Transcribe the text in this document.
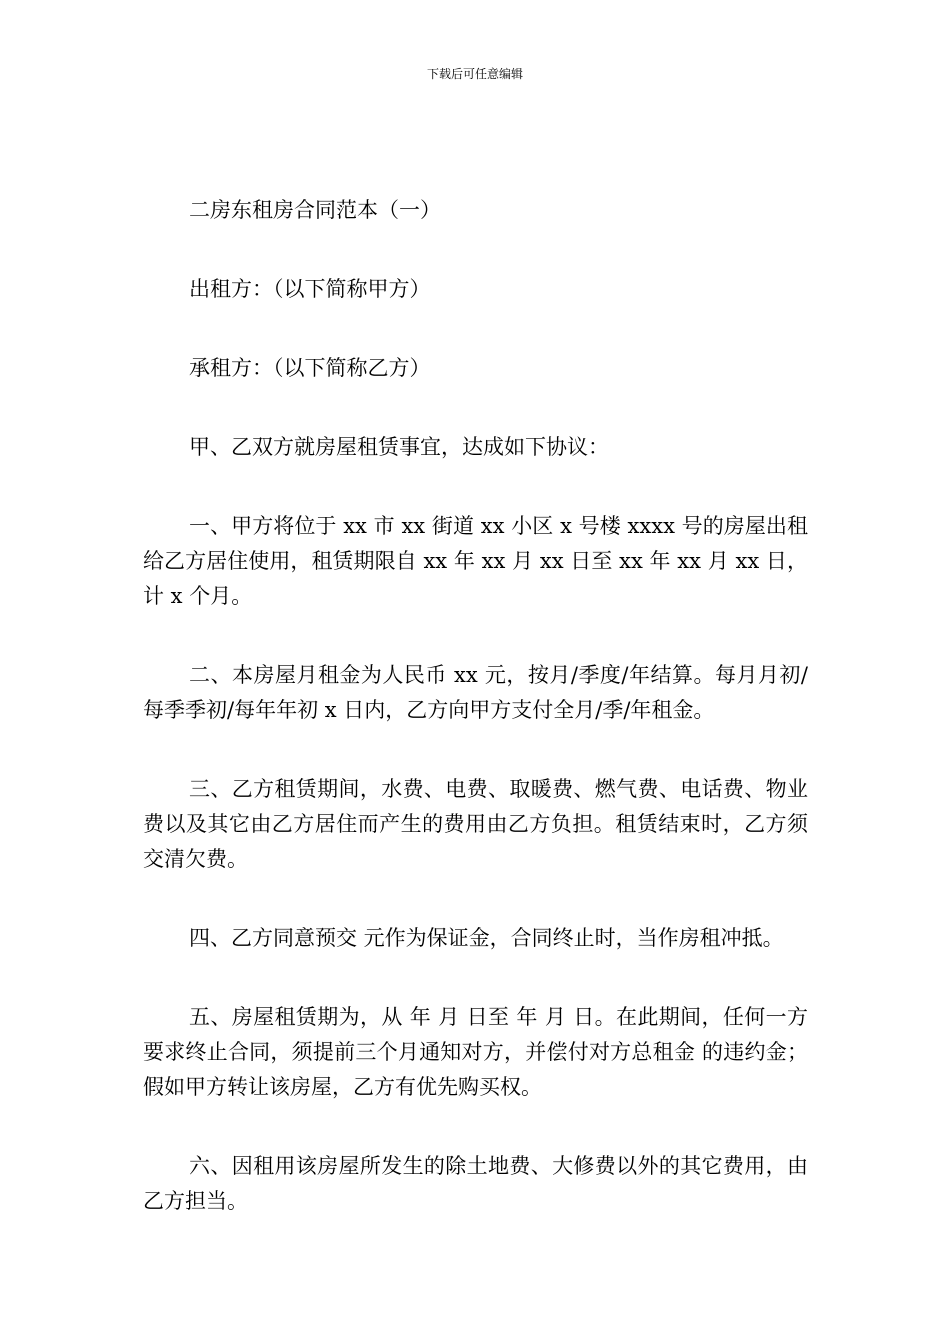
下载后可任意编辑

二房东租房合同范本（一）

出租方：（以下简称甲方）

承租方：（以下简称乙方）

甲、乙双方就房屋租赁事宜，达成如下协议：

一、甲方将位于 xx 市 xx 街道 xx 小区 x 号楼 xxxx 号的房屋出租给乙方居住使用，租赁期限自 xx 年 xx 月 xx 日至 xx 年 xx 月 xx 日，计 x 个月。

二、本房屋月租金为人民币 xx 元，按月/季度/年结算。每月月初/每季季初/每年年初 x 日内，乙方向甲方支付全月/季/年租金。

三、乙方租赁期间，水费、电费、取暖费、燃气费、电话费、物业费以及其它由乙方居住而产生的费用由乙方负担。租赁结束时，乙方须交清欠费。

四、乙方同意预交 元作为保证金，合同终止时，当作房租冲抵。

五、房屋租赁期为，从 年 月 日至 年 月 日。在此期间，任何一方要求终止合同，须提前三个月通知对方，并偿付对方总租金 的违约金；假如甲方转让该房屋，乙方有优先购买权。

六、因租用该房屋所发生的除土地费、大修费以外的其它费用，由乙方担当。
